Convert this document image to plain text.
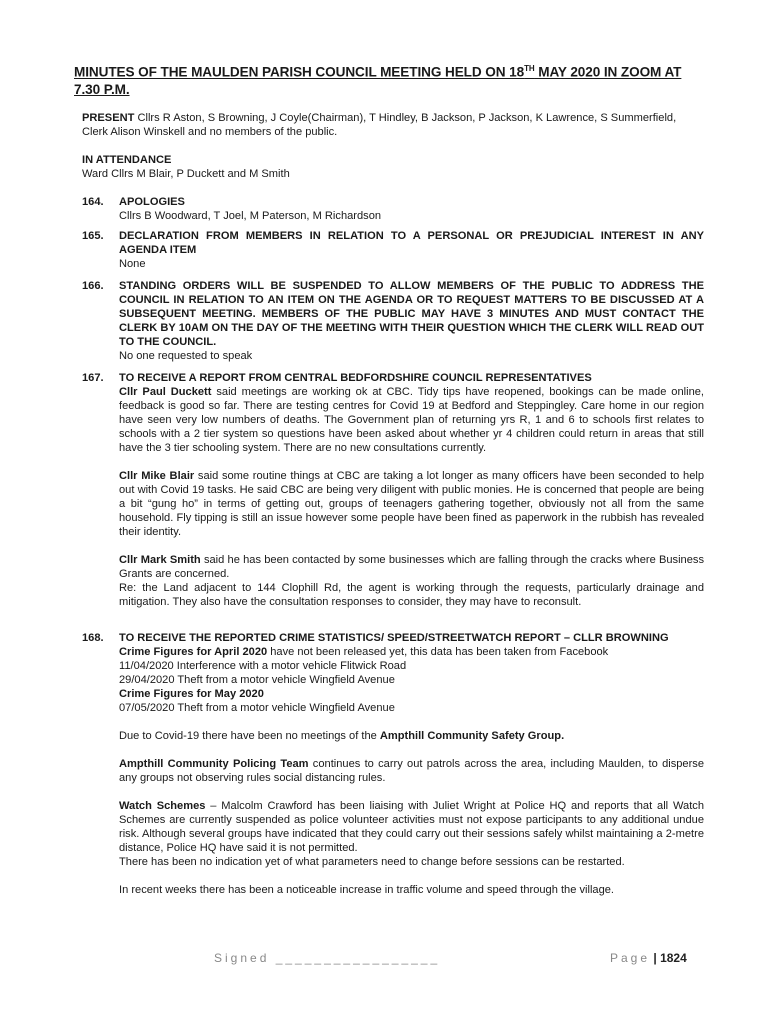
MINUTES OF THE MAULDEN PARISH COUNCIL MEETING HELD ON 18TH MAY 2020 IN ZOOM AT 7.30 P.M.
PRESENT Cllrs R Aston, S Browning, J Coyle(Chairman), T Hindley, B Jackson, P Jackson, K Lawrence, S Summerfield, Clerk Alison Winskell and no members of the public.

IN ATTENDANCE

Ward Cllrs M Blair, P Duckett and M Smith

164. APOLOGIES

Cllrs B Woodward, T Joel, M Paterson, M Richardson

165. DECLARATION FROM MEMBERS IN RELATION TO A PERSONAL OR PREJUDICIAL INTEREST IN ANY AGENDA ITEM

None

166. STANDING ORDERS WILL BE SUSPENDED TO ALLOW MEMBERS OF THE PUBLIC TO ADDRESS THE COUNCIL IN RELATION TO AN ITEM ON THE AGENDA OR TO REQUEST MATTERS TO BE DISCUSSED AT A SUBSEQUENT MEETING. MEMBERS OF THE PUBLIC MAY HAVE 3 MINUTES AND MUST CONTACT THE CLERK BY 10AM ON THE DAY OF THE MEETING WITH THEIR QUESTION WHICH THE CLERK WILL READ OUT TO THE COUNCIL.

No one requested to speak

167. TO RECEIVE A REPORT FROM CENTRAL BEDFORDSHIRE COUNCIL REPRESENTATIVES

Cllr Paul Duckett said meetings are working ok at CBC. Tidy tips have reopened, bookings can be made online, feedback is good so far. There are testing centres for Covid 19 at Bedford and Steppingley. Care home in our region have seen very low numbers of deaths. The Government plan of returning yrs R, 1 and 6 to schools first relates to schools with a 2 tier system so questions have been asked about whether yr 4 children could return in areas that still have the 3 tier schooling system. There are no new consultations currently.

Cllr Mike Blair said some routine things at CBC are taking a lot longer as many officers have been seconded to help out with Covid 19 tasks. He said CBC are being very diligent with public monies. He is concerned that people are being a bit “gung ho” in terms of getting out, groups of teenagers gathering together, obviously not all from the same household. Fly tipping is still an issue however some people have been fined as paperwork in the rubbish has revealed their identity.

Cllr Mark Smith said he has been contacted by some businesses which are falling through the cracks where Business Grants are concerned.

Re: the Land adjacent to 144 Clophill Rd, the agent is working through the requests, particularly drainage and mitigation. They also have the consultation responses to consider, they may have to reconsult.

168. TO RECEIVE THE REPORTED CRIME STATISTICS/ SPEED/STREETWATCH REPORT – CLLR BROWNING

Crime Figures for April 2020 have not been released yet, this data has been taken from Facebook

11/04/2020 Interference with a motor vehicle Flitwick Road

29/04/2020 Theft from a motor vehicle Wingfield Avenue

Crime Figures for May 2020

07/05/2020 Theft from a motor vehicle Wingfield Avenue

Due to Covid-19 there have been no meetings of the Ampthill Community Safety Group.

Ampthill Community Policing Team continues to carry out patrols across the area, including Maulden, to disperse any groups not observing rules social distancing rules.

Watch Schemes – Malcolm Crawford has been liaising with Juliet Wright at Police HQ and reports that all Watch Schemes are currently suspended as police volunteer activities must not expose participants to any additional undue risk. Although several groups have indicated that they could carry out their sessions safely whilst maintaining a 2-metre distance, Police HQ have said it is not permitted.

There has been no indication yet of what parameters need to change before sessions can be restarted.

In recent weeks there has been a noticeable increase in traffic volume and speed through the village.

Signed _________________	Page | 1824
